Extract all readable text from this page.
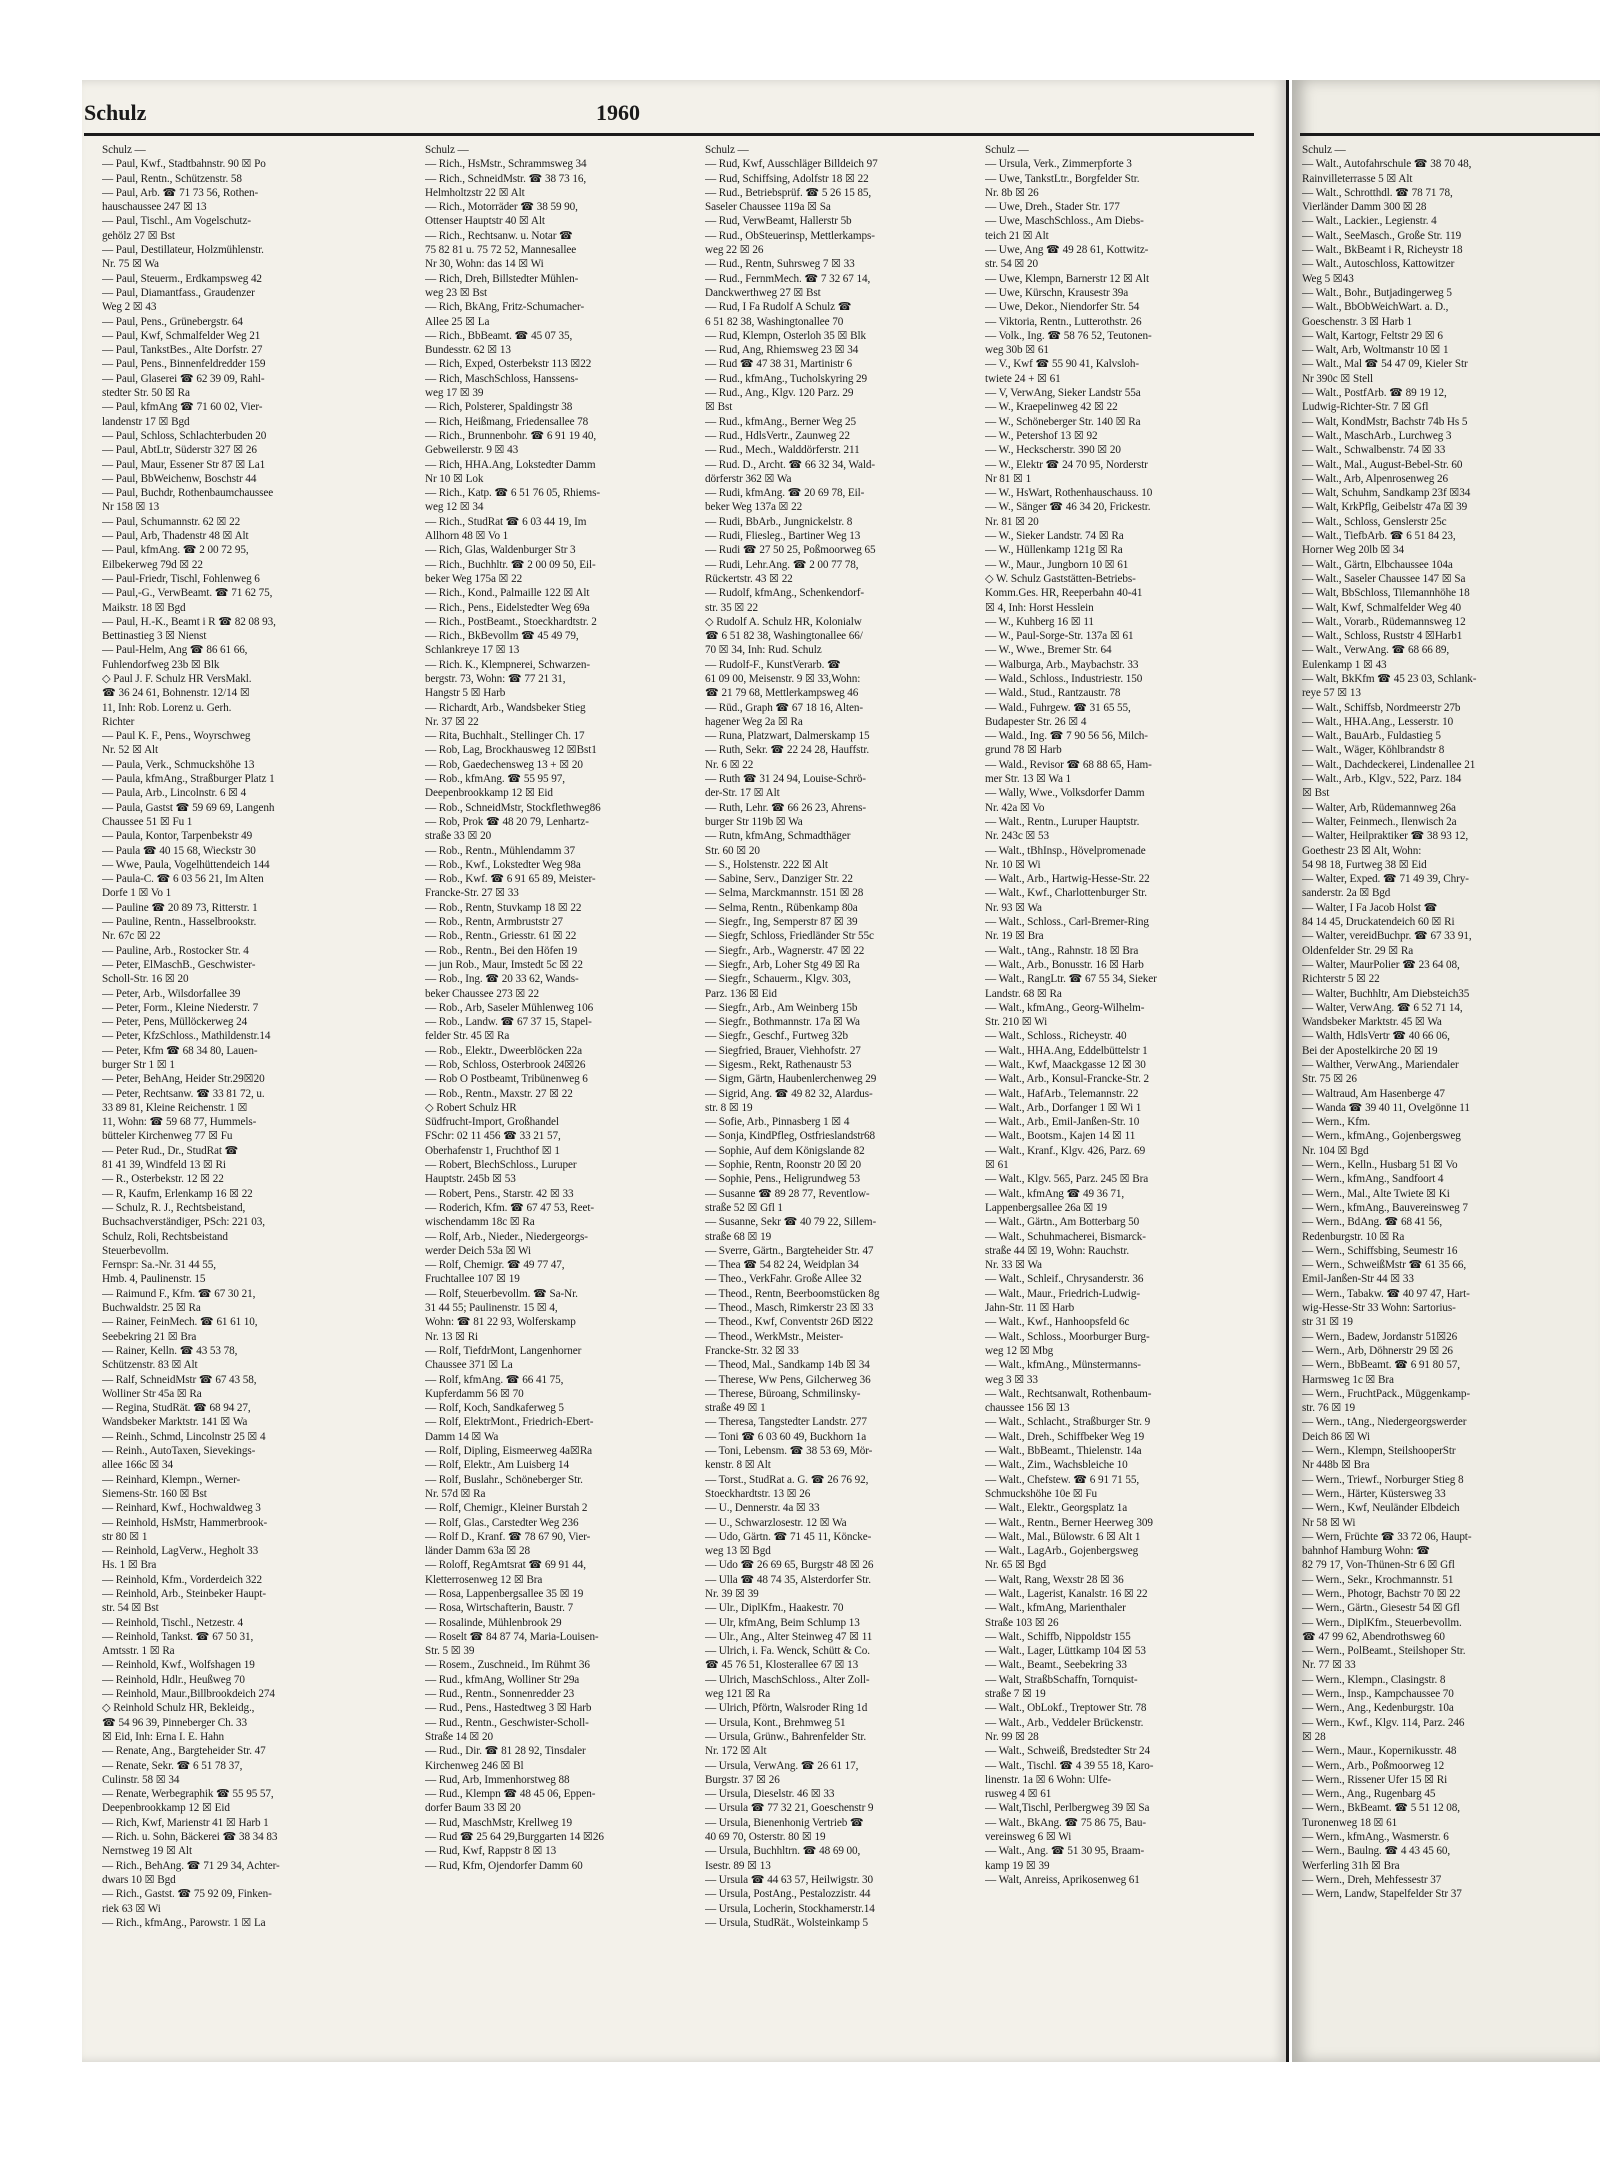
Schulz	1960
Schulz —
— Paul, Kwf., Stadtbahnstr. 90 ☒ Po
— Paul, Rentn., Schützenstr. 58
— Paul, Arb. ☎ 71 73 56, Rothen-
hauschaussee 247 ☒ 13
— Paul, Tischl., Am Vogelschutz-
gehölz 27 ☒ Bst
— Paul, Destillateur, Holzmühlenstr.
Nr. 75 ☒ Wa
— Paul, Steuerm., Erdkampsweg 42
— Paul, Diamantfass., Graudenzer
Weg 2 ☒ 43
— Paul, Pens., Grünebergstr. 64
— Paul, Kwf, Schmalfelder Weg 21
— Paul, TankstBes., Alte Dorfstr. 27
— Paul, Pens., Binnenfeldredder 159
— Paul, Glaserei ☎ 62 39 09, Rahl-
stedter Str. 50 ☒ Ra
— Paul, kfmAng ☎ 71 60 02, Vier-
landenstr 17 ☒ Bgd
— Paul, Schloss, Schlachterbuden 20
— Paul, AbtLtr, Süderstr 327 ☒ 26
— Paul, Maur, Essener Str 87 ☒ La1
— Paul, BbWeichenw, Boschstr 44
— Paul, Buchdr, Rothenbaumchaussee
Nr 158 ☒ 13
— Paul, Schumannstr. 62 ☒ 22
— Paul, Arb, Thadenstr 48 ☒ Alt
— Paul, kfmAng. ☎ 2 00 72 95,
Eilbekerweg 79d ☒ 22
— Paul-Friedr, Tischl, Fohlenweg 6
— Paul,-G., VerwBeamt. ☎ 71 62 75,
Maikstr. 18 ☒ Bgd
— Paul, H.-K., Beamt i R ☎ 82 08 93,
Bettinastieg 3 ☒ Nienst
— Paul-Helm, Ang ☎ 86 61 66,
Fuhlendorfweg 23b ☒ Blk
◇ Paul J. F. Schulz HR VersMakl.
☎ 36 24 61, Bohnenstr. 12/14 ☒
11, Inh: Rob. Lorenz u. Gerh.
Richter
— Paul K. F., Pens., Woyrschweg
Nr. 52 ☒ Alt
— Paula, Verk., Schmuckshöhe 13
— Paula, kfmAng., Straßburger Platz 1
— Paula, Arb., Lincolnstr. 6 ☒ 4
— Paula, Gastst ☎ 59 69 69, Langenh
Chaussee 51 ☒ Fu 1
— Paula, Kontor, Tarpenbekstr 49
— Paula ☎ 40 15 68, Wieckstr 30
— Wwe, Paula, Vogelhüttendeich 144
— Paula-C. ☎ 6 03 56 21, Im Alten
Dorfe 1 ☒ Vo 1
— Pauline ☎ 20 89 73, Ritterstr. 1
— Pauline, Rentn., Hasselbrookstr.
Nr. 67c ☒ 22
— Pauline, Arb., Rostocker Str. 4
— Peter, ElMaschB., Geschwister-
Scholl-Str. 16 ☒ 20
— Peter, Arb., Wilsdorfallee 39
— Peter, Form., Kleine Niederstr. 7
— Peter, Pens, Müllöckerweg 24
— Peter, KfzSchloss., Mathildenstr.14
— Peter, Kfm ☎ 68 34 80, Lauen-
burger Str 1 ☒ 1
— Peter, BehAng, Heider Str.29☒20
— Peter, Rechtsanw. ☎ 33 81 72, u.
33 89 81, Kleine Reichenstr. 1 ☒
11, Wohn: ☎ 59 68 77, Hummels-
bütteler Kirchenweg 77 ☒ Fu
— Peter Rud., Dr., StudRat ☎
81 41 39, Windfeld 13 ☒ Ri
— R., Osterbekstr. 12 ☒ 22
— R, Kaufm, Erlenkamp 16 ☒ 22
— Schulz, R. J., Rechtsbeistand,
Buchsachverständiger, PSch: 221 03,
Schulz, Roli, Rechtsbeistand
Steuerbevollm.
Fernspr: Sa.-Nr. 31 44 55,
Hmb. 4, Paulinenstr. 15
— Raimund F., Kfm. ☎ 67 30 21,
Buchwaldstr. 25 ☒ Ra
— Rainer, FeinMech. ☎ 61 61 10,
Seebekring 21 ☒ Bra
— Rainer, Kelln. ☎ 43 53 78,
Schützenstr. 83 ☒ Alt
— Ralf, SchneidMstr ☎ 67 43 58,
Wolliner Str 45a ☒ Ra
— Regina, StudRät. ☎ 68 94 27,
Wandsbeker Marktstr. 141 ☒ Wa
— Reinh., Schmd, Lincolnstr 25 ☒ 4
— Reinh., AutoTaxen, Sievekings-
allee 166c ☒ 34
— Reinhard, Klempn., Werner-
Siemens-Str. 160 ☒ Bst
— Reinhard, Kwf., Hochwaldweg 3
— Reinhold, HsMstr, Hammerbrook-
str 80 ☒ 1
— Reinhold, LagVerw., Hegholt 33
Hs. 1 ☒ Bra
— Reinhold, Kfm., Vorderdeich 322
— Reinhold, Arb., Steinbeker Haupt-
str. 54 ☒ Bst
— Reinhold, Tischl., Netzestr. 4
— Reinhold, Tankst. ☎ 67 50 31,
Amtsstr. 1 ☒ Ra
— Reinhold, Kwf., Wolfshagen 19
— Reinhold, Hdlr., Heußweg 70
— Reinhold, Maur.,Billbrookdeich 274
◇ Reinhold Schulz HR, Bekleidg.,
☎ 54 96 39, Pinneberger Ch. 33
☒ Eid, Inh: Erna I. E. Hahn
— Renate, Ang., Bargteheider Str. 47
— Renate, Sekr. ☎ 6 51 78 37,
Culinstr. 58 ☒ 34
— Renate, Werbegraphik ☎ 55 95 57,
Deepenbrookkamp 12 ☒ Eid
— Rich, Kwf, Marienstr 41 ☒ Harb 1
— Rich. u. Sohn, Bäckerei ☎ 38 34 83
Nernstweg 19 ☒ Alt
— Rich., BehAng. ☎ 71 29 34, Achter-
dwars 10 ☒ Bgd
— Rich., Gastst. ☎ 75 92 09, Finken-
riek 63 ☒ Wi
— Rich., kfmAng., Parowstr. 1 ☒ La
Schulz —
— Rich., HsMstr., Schrammsweg 34
— Rich., SchneidMstr. ☎ 38 73 16,
Helmholtzstr 22 ☒ Alt
— Rich., Motorräder ☎ 38 59 90,
Ottenser Hauptstr 40 ☒ Alt
— Rich., Rechtsanw. u. Notar ☎
75 82 81 u. 75 72 52, Mannesallee
Nr 30, Wohn: das 14 ☒ Wi
— Rich, Dreh, Billstedter Mühlen-
weg 23 ☒ Bst
— Rich, BkAng, Fritz-Schumacher-
Allee 25 ☒ La
— Rich., BbBeamt. ☎ 45 07 35,
Bundesstr. 62 ☒ 13
— Rich, Exped, Osterbekstr 113 ☒22
— Rich, MaschSchloss, Hanssens-
weg 17 ☒ 39
— Rich, Polsterer, Spaldingstr 38
— Rich, Heißmang, Friedensallee 78
— Rich., Brunnenbohr. ☎ 6 91 19 40,
Gebweilerstr. 9 ☒ 43
— Rich, HHA.Ang, Lokstedter Damm
Nr 10 ☒ Lok
— Rich., Katp. ☎ 6 51 76 05, Rhiems-
weg 12 ☒ 34
— Rich., StudRat ☎ 6 03 44 19, Im
Allhorn 48 ☒ Vo 1
— Rich, Glas, Waldenburger Str 3
— Rich., Buchhltr. ☎ 2 00 09 50, Eil-
beker Weg 175a ☒ 22
— Rich., Kond., Palmaille 122 ☒ Alt
— Rich., Pens., Eidelstedter Weg 69a
— Rich., PostBeamt., Stoeckhardtstr. 2
— Rich., BkBevollm ☎ 45 49 79,
Schlankreye 17 ☒ 13
— Rich. K., Klempnerei, Schwarzen-
bergstr. 73, Wohn: ☎ 77 21 31,
Hangstr 5 ☒ Harb
— Richardt, Arb., Wandsbeker Stieg
Nr. 37 ☒ 22
— Rita, Buchhalt., Stellinger Ch. 17
— Rob, Lag, Brockhausweg 12 ☒Bst1
— Rob, Gaedechensweg 13 + ☒ 20
— Rob., kfmAng. ☎ 55 95 97,
Deepenbrookkamp 12 ☒ Eid
— Rob., SchneidMstr, Stockflethweg86
— Rob, Prok ☎ 48 20 79, Lenhartz-
straße 33 ☒ 20
— Rob., Rentn., Mühlendamm 37
— Rob., Kwf., Lokstedter Weg 98a
— Rob., Kwf. ☎ 6 91 65 89, Meister-
Francke-Str. 27 ☒ 33
— Rob., Rentn, Stuvkamp 18 ☒ 22
— Rob., Rentn, Armbruststr 27
— Rob., Rentn., Griesstr. 61 ☒ 22
— Rob., Rentn., Bei den Höfen 19
— jun Rob., Maur, Imstedt 5c ☒ 22
— Rob., Ing. ☎ 20 33 62, Wands-
beker Chaussee 273 ☒ 22
— Rob., Arb, Saseler Mühlenweg 106
— Rob., Landw. ☎ 67 37 15, Stapel-
felder Str. 45 ☒ Ra
— Rob., Elektr., Dweerblöcken 22a
— Rob, Schloss, Osterbrook 24☒26
— Rob O Postbeamt, Tribünenweg 6
— Rob., Rentn., Maxstr. 27 ☒ 22
◇ Robert Schulz HR
Südfrucht-Import, Großhandel
FSchr: 02 11 456 ☎ 33 21 57,
Oberhafenstr 1, Fruchthof ☒ 1
— Robert, BlechSchloss., Luruper
Hauptstr. 245b ☒ 53
— Robert, Pens., Starstr. 42 ☒ 33
— Roderich, Kfm. ☎ 67 47 53, Reet-
wischendamm 18c ☒ Ra
— Rolf, Arb., Nieder., Niedergeorgs-
werder Deich 53a ☒ Wi
— Rolf, Chemigr. ☎ 49 77 47,
Fruchtallee 107 ☒ 19
— Rolf, Steuerbevollm. ☎ Sa-Nr.
31 44 55; Paulinenstr. 15 ☒ 4,
Wohn: ☎ 81 22 93, Wolferskamp
Nr. 13 ☒ Ri
— Rolf, TiefdrMont, Langenhorner
Chaussee 371 ☒ La
— Rolf, kfmAng. ☎ 66 41 75,
Kupferdamm 56 ☒ 70
— Rolf, Koch, Sandkaferweg 5
— Rolf, ElektrMont., Friedrich-Ebert-
Damm 14 ☒ Wa
— Rolf, Dipling, Eismeerweg 4a☒Ra
— Rolf, Elektr., Am Luisberg 14
— Rolf, Buslahr., Schöneberger Str.
Nr. 57d ☒ Ra
— Rolf, Chemigr., Kleiner Burstah 2
— Rolf, Glas., Carstedter Weg 236
— Rolf D., Kranf. ☎ 78 67 90, Vier-
länder Damm 63a ☒ 28
— Roloff, RegAmtsrat ☎ 69 91 44,
Kletterrosenweg 12 ☒ Bra
— Rosa, Lappenbergsallee 35 ☒ 19
— Rosa, Wirtschafterin, Baustr. 7
— Rosalinde, Mühlenbrook 29
— Roselt ☎ 84 87 74, Maria-Louisen-
Str. 5 ☒ 39
— Rosem., Zuschneid., Im Rühmt 36
— Rud., kfmAng, Wolliner Str 29a
— Rud., Rentn., Sonnenredder 23
— Rud., Pens., Hastedtweg 3 ☒ Harb
— Rud., Rentn., Geschwister-Scholl-
Straße 14 ☒ 20
— Rud., Dir. ☎ 81 28 92, Tinsdaler
Kirchenweg 246 ☒ Bl
— Rud, Arb, Immenhorstweg 88
— Rud., Klempn ☎ 48 45 06, Eppen-
dorfer Baum 33 ☒ 20
— Rud, MaschMstr, Krellweg 19
— Rud ☎ 25 64 29,Burggarten 14 ☒26
— Rud, Kwf, Rappstr 8 ☒ 13
— Rud, Kfm, Ojendorfer Damm 60
Schulz —
— Rud, Kwf, Ausschläger Billdeich 97
— Rud, Schiffsing, Adolfstr 18 ☒ 22
— Rud., Betriebsprüf. ☎ 5 26 15 85,
Saseler Chaussee 119a ☒ Sa
— Rud, VerwBeamt, Hallerstr 5b
— Rud., ObSteuerinsp, Mettlerkamps-
weg 22 ☒ 26
— Rud., Rentn, Suhrsweg 7 ☒ 33
— Rud., FernmMech. ☎ 7 32 67 14,
Danckwerthweg 27 ☒ Bst
— Rud, I Fa Rudolf A Schulz ☎
6 51 82 38, Washingtonallee 70
— Rud, Klempn, Osterloh 35 ☒ Blk
— Rud, Ang, Rhiemsweg 23 ☒ 34
— Rud ☎ 47 38 31, Martinistr 6
— Rud., kfmAng., Tucholskyring 29
— Rud., Ang., Klgv. 120 Parz. 29
☒ Bst
— Rud., kfmAng., Berner Weg 25
— Rud., HdlsVertr., Zaunweg 22
— Rud., Mech., Walddörferstr. 211
— Rud. D., Archt. ☎ 66 32 34, Wald-
dörferstr 362 ☒ Wa
— Rudi, kfmAng. ☎ 20 69 78, Eil-
beker Weg 137a ☒ 22
— Rudi, BbArb., Jungnickelstr. 8
— Rudi, Fliesleg., Bartiner Weg 13
— Rudi ☎ 27 50 25, Poßmoorweg 65
— Rudi, Lehr.Ang. ☎ 2 00 77 78,
Rückertstr. 43 ☒ 22
— Rudolf, kfmAng., Schenkendorf-
str. 35 ☒ 22
◇ Rudolf A. Schulz HR, Kolonialw
☎ 6 51 82 38, Washingtonallee 66/
70 ☒ 34, Inh: Rud. Schulz
— Rudolf-F., KunstVerarb. ☎
61 09 00, Meisenstr. 9 ☒ 33,Wohn:
☎ 21 79 68, Mettlerkampsweg 46
— Rüd., Graph ☎ 67 18 16, Alten-
hagener Weg 2a ☒ Ra
— Runa, Platzwart, Dalmerskamp 15
— Ruth, Sekr. ☎ 22 24 28, Hauffstr.
Nr. 6 ☒ 22
— Ruth ☎ 31 24 94, Louise-Schrö-
der-Str. 17 ☒ Alt
— Ruth, Lehr. ☎ 66 26 23, Ahrens-
burger Str 119b ☒ Wa
— Rutn, kfmAng, Schmadthäger
Str. 60 ☒ 20
— S., Holstenstr. 222 ☒ Alt
— Sabine, Serv., Danziger Str. 22
— Selma, Marckmannstr. 151 ☒ 28
— Selma, Rentn., Rübenkamp 80a
— Siegfr., Ing, Semperstr 87 ☒ 39
— Siegfr, Schloss, Friedländer Str 55c
— Siegfr., Arb., Wagnerstr. 47 ☒ 22
— Siegfr., Arb, Loher Stg 49 ☒ Ra
— Siegfr., Schauerm., Klgv. 303,
Parz. 136 ☒ Eid
— Siegfr., Arb., Am Weinberg 15b
— Siegfr., Bothmannstr. 17a ☒ Wa
— Siegfr., Geschf., Furtweg 32b
— Siegfried, Brauer, Viehhofstr. 27
— Sigesm., Rekt, Rathenaustr 53
— Sigm, Gärtn, Haubenlerchenweg 29
— Sigrid, Ang. ☎ 49 82 32, Alardus-
str. 8 ☒ 19
— Sofie, Arb., Pinnasberg 1 ☒ 4
— Sonja, KindPfleg, Ostfrieslandstr68
— Sophie, Auf dem Königslande 82
— Sophie, Rentn, Roonstr 20 ☒ 20
— Sophie, Pens., Heligrundweg 53
— Susanne ☎ 89 28 77, Reventlow-
straße 52 ☒ Gfl 1
— Susanne, Sekr ☎ 40 79 22, Sillem-
straße 68 ☒ 19
— Sverre, Gärtn., Bargteheider Str. 47
— Thea ☎ 54 82 24, Weidplan 34
— Theo., VerkFahr. Große Allee 32
— Theod., Rentn, Beerboomstücken 8g
— Theod., Masch, Rimkerstr 23 ☒ 33
— Theod., Kwf, Conventstr 26D ☒22
— Theod., WerkMstr., Meister-
Francke-Str. 32 ☒ 33
— Theod, Mal., Sandkamp 14b ☒ 34
— Therese, Ww Pens, Gilcherweg 36
— Therese, Büroang, Schmilinsky-
straße 49 ☒ 1
— Theresa, Tangstedter Landstr. 277
— Toni ☎ 6 03 60 49, Buckhorn 1a
— Toni, Lebensm. ☎ 38 53 69, Mör-
kenstr. 8 ☒ Alt
— Torst., StudRat a. G. ☎ 26 76 92,
Stoeckhardtstr. 13 ☒ 26
— U., Dennerstr. 4a ☒ 33
— U., Schwarzlosestr. 12 ☒ Wa
— Udo, Gärtn. ☎ 71 45 11, Köncke-
weg 13 ☒ Bgd
— Udo ☎ 26 69 65, Burgstr 48 ☒ 26
— Ulla ☎ 48 74 35, Alsterdorfer Str.
Nr. 39 ☒ 39
— Ulr., DiplKfm., Haakestr. 70
— Ulr, kfmAng, Beim Schlump 13
— Ulr., Ang., Alter Steinweg 47 ☒ 11
— Ulrich, i. Fa. Wenck, Schütt & Co.
☎ 45 76 51, Klosterallee 67 ☒ 13
— Ulrich, MaschSchloss., Alter Zoll-
weg 121 ☒ Ra
— Ulrich, Pförtn, Walsroder Ring 1d
— Ursula, Kont., Brehmweg 51
— Ursula, Grünw., Bahrenfelder Str.
Nr. 172 ☒ Alt
— Ursula, VerwAng. ☎ 26 61 17,
Burgstr. 37 ☒ 26
— Ursula, Dieselstr. 46 ☒ 33
— Ursula ☎ 77 32 21, Goeschenstr 9
— Ursula, Bienenhonig Vertrieb ☎
40 69 70, Osterstr. 80 ☒ 19
— Ursula, Buchhltrn. ☎ 48 69 00,
Isestr. 89 ☒ 13
— Ursula ☎ 44 63 57, Heilwigstr. 30
— Ursula, PostAng., Pestalozzistr. 44
— Ursula, Locherin, Stockhamerstr.14
— Ursula, StudRät., Wolsteinkamp 5
Schulz —
— Ursula, Verk., Zimmerpforte 3
— Uwe, TankstLtr., Borgfelder Str.
Nr. 8b ☒ 26
— Uwe, Dreh., Stader Str. 177
— Uwe, MaschSchloss., Am Diebs-
teich 21 ☒ Alt
— Uwe, Ang ☎ 49 28 61, Kottwitz-
str. 54 ☒ 20
— Uwe, Klempn, Barnerstr 12 ☒ Alt
— Uwe, Kürschn, Krausestr 39a
— Uwe, Dekor., Niendorfer Str. 54
— Viktoria, Rentn., Lutterothstr. 26
— Volk., Ing. ☎ 58 76 52, Teutonen-
weg 30b ☒ 61
— V., Kwf ☎ 55 90 41, Kalvsloh-
twiete 24 + ☒ 61
— V, VerwAng, Sieker Landstr 55a
— W., Kraepelinweg 42 ☒ 22
— W., Schöneberger Str. 140 ☒ Ra
— W., Petershof 13 ☒ 92
— W., Heckscherstr. 390 ☒ 20
— W., Elektr ☎ 24 70 95, Norderstr
Nr 81 ☒ 1
— W., HsWart, Rothenhauschauss. 10
— W., Sänger ☎ 46 34 20, Frickestr.
Nr. 81 ☒ 20
— W., Sieker Landstr. 74 ☒ Ra
— W., Hüllenkamp 121g ☒ Ra
— W., Maur., Jungborn 10 ☒ 61
◇ W. Schulz Gaststätten-Betriebs-
Komm.Ges. HR, Reeperbahn 40-41
☒ 4, Inh: Horst Hesslein
— W., Kuhberg 16 ☒ 11
— W., Paul-Sorge-Str. 137a ☒ 61
— W., Wwe., Bremer Str. 64
— Walburga, Arb., Maybachstr. 33
— Wald., Schloss., Industriestr. 150
— Wald., Stud., Rantzaustr. 78
— Wald., Fuhrgew. ☎ 31 65 55,
Budapester Str. 26 ☒ 4
— Wald., Ing. ☎ 7 90 56 56, Milch-
grund 78 ☒ Harb
— Wald., Revisor ☎ 68 88 65, Ham-
mer Str. 13 ☒ Wa 1
— Wally, Wwe., Volksdorfer Damm
Nr. 42a ☒ Vo
— Walt., Rentn., Luruper Hauptstr.
Nr. 243c ☒ 53
— Walt., tBhInsp., Hövelpromenade
Nr. 10 ☒ Wi
— Walt., Arb., Hartwig-Hesse-Str. 22
— Walt., Kwf., Charlottenburger Str.
Nr. 93 ☒ Wa
— Walt., Schloss., Carl-Bremer-Ring
Nr. 19 ☒ Bra
— Walt., tAng., Rahnstr. 18 ☒ Bra
— Walt., Arb., Bonusstr. 16 ☒ Harb
— Walt., RangLtr. ☎ 67 55 34, Sieker
Landstr. 68 ☒ Ra
— Walt., kfmAng., Georg-Wilhelm-
Str. 210 ☒ Wi
— Walt., Schloss., Richeystr. 40
— Walt., HHA.Ang, Eddelbüttelstr 1
— Walt., Kwf, Maackgasse 12 ☒ 30
— Walt., Arb., Konsul-Francke-Str. 2
— Walt., HafArb., Telemannstr. 22
— Walt., Arb., Dorfanger 1 ☒ Wi 1
— Walt., Arb., Emil-Janßen-Str. 10
— Walt., Bootsm., Kajen 14 ☒ 11
— Walt., Kranf., Klgv. 426, Parz. 69
☒ 61
— Walt., Klgv. 565, Parz. 245 ☒ Bra
— Walt., kfmAng ☎ 49 36 71,
Lappenbergsallee 26a ☒ 19
— Walt., Gärtn., Am Botterbarg 50
— Walt., Schuhmacherei, Bismarck-
straße 44 ☒ 19, Wohn: Rauchstr.
Nr. 33 ☒ Wa
— Walt., Schleif., Chrysanderstr. 36
— Walt., Maur., Friedrich-Ludwig-
Jahn-Str. 11 ☒ Harb
— Walt., Kwf., Hanhoopsfeld 6c
— Walt., Schloss., Moorburger Burg-
weg 12 ☒ Mbg
— Walt., kfmAng., Münstermanns-
weg 3 ☒ 33
— Walt., Rechtsanwalt, Rothenbaum-
chaussee 156 ☒ 13
— Walt., Schlacht., Straßburger Str. 9
— Walt., Dreh., Schiffbeker Weg 19
— Walt., BbBeamt., Thielenstr. 14a
— Walt., Zim., Wachsbleiche 10
— Walt., Chefstew. ☎ 6 91 71 55,
Schmuckshöhe 10e ☒ Fu
— Walt., Elektr., Georgsplatz 1a
— Walt., Rentn., Berner Heerweg 309
— Walt., Mal., Bülowstr. 6 ☒ Alt 1
— Walt., LagArb., Gojenbergsweg
Nr. 65 ☒ Bgd
— Walt, Rang, Wexstr 28 ☒ 36
— Walt., Lagerist, Kanalstr. 16 ☒ 22
— Walt., kfmAng, Marienthaler
Straße 103 ☒ 26
— Walt., Schiffb, Nippoldstr 155
— Walt., Lager, Lüttkamp 104 ☒ 53
— Walt., Beamt., Seebekring 33
— Walt, StraßbSchaffn, Tornquist-
straße 7 ☒ 19
— Walt., ObLokf., Treptower Str. 78
— Walt., Arb., Veddeler Brückenstr.
Nr. 99 ☒ 28
— Walt., Schweiß, Bredstedter Str 24
— Walt., Tischl. ☎ 4 39 55 18, Karo-
linenstr. 1a ☒ 6 Wohn: Ulfe-
rusweg 4 ☒ 61
— Walt,Tischl, Perlbergweg 39 ☒ Sa
— Walt., BkAng. ☎ 75 86 75, Bau-
vereinsweg 6 ☒ Wi
— Walt., Ang. ☎ 51 30 95, Braam-
kamp 19 ☒ 39
— Walt, Anreiss, Aprikosenweg 61
Schulz —
— Walt., Autofahrschule ☎ 38 70 48,
Rainvilleterrasse 5 ☒ Alt
— Walt., Schrotthdl. ☎ 78 71 78,
Vierländer Damm 300 ☒ 28
— Walt., Lackier., Legienstr. 4
— Walt., SeeMasch., Große Str. 119
— Walt., BkBeamt i R, Richeystr 18
— Walt., Autoschloss, Kattowitzer
Weg 5 ☒43
— Walt., Bohr., Butjadingerweg 5
— Walt., BbObWeichWart. a. D.,
Goeschenstr. 3 ☒ Harb 1
— Walt, Kartogr, Feltstr 29 ☒ 6
— Walt, Arb, Woltmanstr 10 ☒ 1
— Walt., Mal ☎ 54 47 09, Kieler Str
Nr 390c ☒ Stell
— Walt., PostfArb. ☎ 89 19 12,
Ludwig-Richter-Str. 7 ☒ Gfl
— Walt, KondMstr, Bachstr 74b Hs 5
— Walt., MaschArb., Lurchweg 3
— Walt., Schwalbenstr. 74 ☒ 33
— Walt., Mal., August-Bebel-Str. 60
— Walt., Arb, Alpenrosenweg 26
— Walt, Schuhm, Sandkamp 23f ☒34
— Walt, KrkPflg, Geibelstr 47a ☒ 39
— Walt., Schloss, Genslerstr 25c
— Walt., TiefbArb. ☎ 6 51 84 23,
Horner Weg 20lb ☒ 34
— Walt., Gärtn, Elbchaussee 104a
— Walt., Saseler Chaussee 147 ☒ Sa
— Walt, BbSchloss, Tilemannhöhe 18
— Walt, Kwf, Schmalfelder Weg 40
— Walt., Vorarb., Rüdemannsweg 12
— Walt., Schloss, Ruststr 4 ☒Harb1
— Walt., VerwAng. ☎ 68 66 89,
Eulenkamp 1 ☒ 43
— Walt, BkKfm ☎ 45 23 03, Schlank-
reye 57 ☒ 13
— Walt., Schiffsb, Nordmeerstr 27b
— Walt., HHA.Ang., Lesserstr. 10
— Walt., BauArb., Fuldastieg 5
— Walt., Wäger, Köhlbrandstr 8
— Walt., Dachdeckerei, Lindenallee 21
— Walt., Arb., Klgv., 522, Parz. 184
☒ Bst
— Walter, Arb, Rüdemannweg 26a
— Walter, Feinmech., Ilenwisch 2a
— Walter, Heilpraktiker ☎ 38 93 12,
Goethestr 23 ☒ Alt, Wohn:
54 98 18, Furtweg 38 ☒ Eid
— Walter, Exped. ☎ 71 49 39, Chry-
sanderstr. 2a ☒ Bgd
— Walter, I Fa Jacob Holst ☎
84 14 45, Druckatendeich 60 ☒ Ri
— Walter, vereidBuchpr. ☎ 67 33 91,
Oldenfelder Str. 29 ☒ Ra
— Walter, MaurPolier ☎ 23 64 08,
Richterstr 5 ☒ 22
— Walter, Buchhltr, Am Diebsteich35
— Walter, VerwAng. ☎ 6 52 71 14,
Wandsbeker Marktstr. 45 ☒ Wa
— Walth, HdlsVertr ☎ 40 66 06,
Bei der Apostelkirche 20 ☒ 19
— Walther, VerwAng., Mariendaler
Str. 75 ☒ 26
— Waltraud, Am Hasenberge 47
— Wanda ☎ 39 40 11, Ovelgönne 11
— Wern., Kfm.
— Wern., kfmAng., Gojenbergsweg
Nr. 104 ☒ Bgd
— Wern., Kelln., Husbarg 51 ☒ Vo
— Wern., kfmAng., Sandfoort 4
— Wern., Mal., Alte Twiete ☒ Ki
— Wern., kfmAng., Bauvereinsweg 7
— Wern., BdAng. ☎ 68 41 56,
Redenburgstr. 10 ☒ Ra
— Wern., Schiffsbing, Seumestr 16
— Wern., SchweißMstr ☎ 61 35 66,
Emil-Janßen-Str 44 ☒ 33
— Wern., Tabakw. ☎ 40 97 47, Hart-
wig-Hesse-Str 33 Wohn: Sartorius-
str 31 ☒ 19
— Wern., Badew, Jordanstr 51☒26
— Wern., Arb, Döhnerstr 29 ☒ 26
— Wern., BbBeamt. ☎ 6 91 80 57,
Harmsweg 1c ☒ Bra
— Wern., FruchtPack., Müggenkamp-
str. 76 ☒ 19
— Wern., tAng., Niedergeorgswerder
Deich 86 ☒ Wi
— Wern., Klempn, SteilshooperStr
Nr 448b ☒ Bra
— Wern., Triewf., Norburger Stieg 8
— Wern., Härter, Küstersweg 33
— Wern., Kwf, Neuländer Elbdeich
Nr 58 ☒ Wi
— Wern, Früchte ☎ 33 72 06, Haupt-
bahnhof Hamburg Wohn: ☎
82 79 17, Von-Thünen-Str 6 ☒ Gfl
— Wern., Sekr., Krochmannstr. 51
— Wern., Photogr, Bachstr 70 ☒ 22
— Wern., Gärtn., Giesestr 54 ☒ Gfl
— Wern., DiplKfm., Steuerbevollm.
☎ 47 99 62, Abendrothsweg 60
— Wern., PolBeamt., Steilshoper Str.
Nr. 77 ☒ 33
— Wern., Klempn., Clasingstr. 8
— Wern., Insp., Kampchaussee 70
— Wern., Ang., Kedenburgstr. 10a
— Wern., Kwf., Klgv. 114, Parz. 246
☒ 28
— Wern., Maur., Kopernikusstr. 48
— Wern., Arb., Poßmoorweg 12
— Wern., Rissener Ufer 15 ☒ Ri
— Wern., Ang., Rugenbarg 45
— Wern., BkBeamt. ☎ 5 51 12 08,
Turonenweg 18 ☒ 61
— Wern., kfmAng., Wasmerstr. 6
— Wern., Baulng. ☎ 4 43 45 60,
Werferling 31h ☒ Bra
— Wern., Dreh, Mehfessestr 37
— Wern, Landw, Stapelfelder Str 37
